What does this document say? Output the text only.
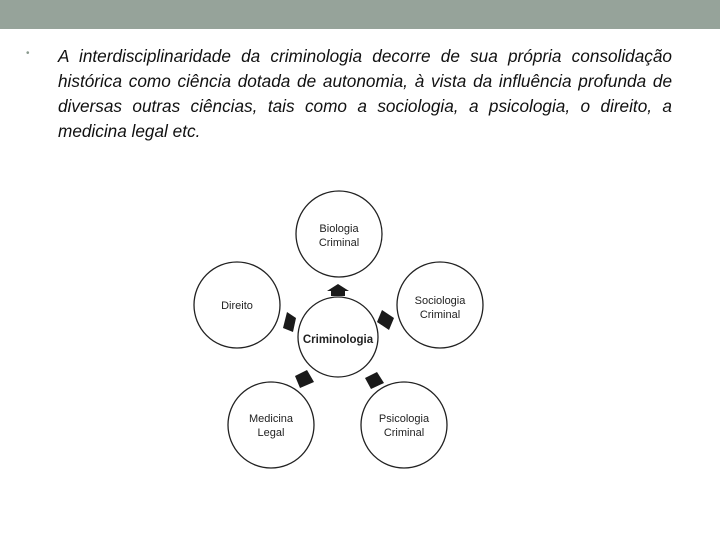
• A interdisciplinaridade da criminologia decorre de sua própria consolidação histórica como ciência dotada de autonomia, à vista da influência profunda de diversas outras ciências, tais como a sociologia, a psicologia, o direito, a medicina legal etc.
Criminologia
Biologia
Criminal
Sociologia
Criminal
Psicologia
Criminal
Medicina
Legal
Direito
